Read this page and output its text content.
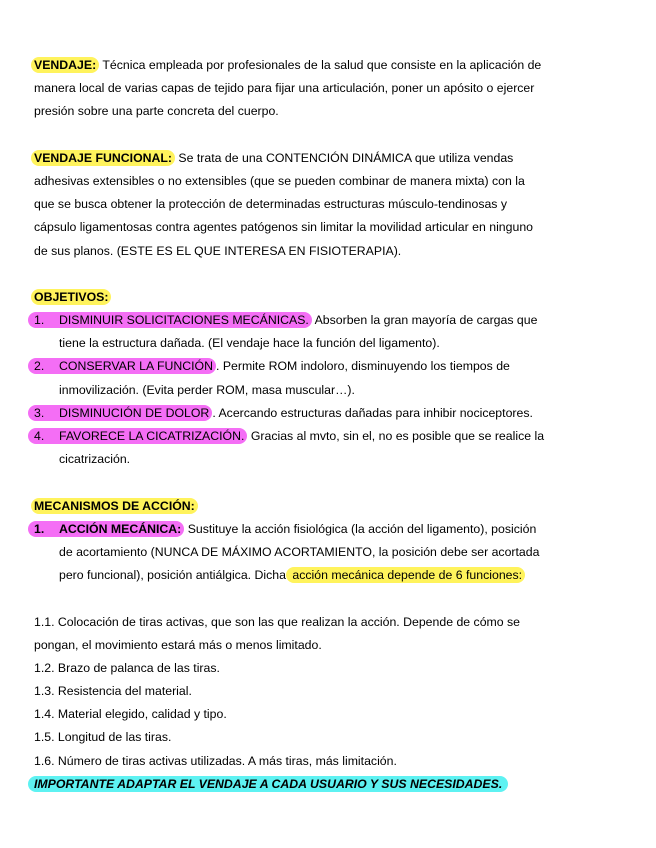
VENDAJE: Técnica empleada por profesionales de la salud que consiste en la aplicación de
manera local de varias capas de tejido para fijar una articulación, poner un apósito o ejercer
presión sobre una parte concreta del cuerpo.
VENDAJE FUNCIONAL: Se trata de una CONTENCIÓN DINÁMICA que utiliza vendas
adhesivas extensibles o no extensibles (que se pueden combinar de manera mixta) con la
que se busca obtener la protección de determinadas estructuras músculo-tendinosas y
cápsulo ligamentosas contra agentes patógenos sin limitar la movilidad articular en ninguno
de sus planos. (ESTE ES EL QUE INTERESA EN FISIOTERAPIA).
OBJETIVOS:
1. DISMINUIR SOLICITACIONES MECÁNICAS. Absorben la gran mayoría de cargas que
tiene la estructura dañada. (El vendaje hace la función del ligamento).
2. CONSERVAR LA FUNCIÓN . Permite ROM indoloro, disminuyendo los tiempos de
inmovilización. (Evita perder ROM, masa muscular…).
3. DISMINUCIÓN DE DOLOR . Acercando estructuras dañadas para inhibir nociceptores.
4. FAVORECE LA CICATRIZACIÓN. Gracias al mvto, sin el, no es posible que se realice la
cicatrización.
MECANISMOS DE ACCIÓN:
1. ACCIÓN MECÁNICA: Sustituye la acción fisiológica (la acción del ligamento), posición
de acortamiento (NUNCA DE MÁXIMO ACORTAMIENTO, la posición debe ser acortada
pero funcional), posición antiálgica. Dicha acción mecánica depende de 6 funciones:
1.1. Colocación de tiras activas, que son las que realizan la acción. Depende de cómo se
pongan, el movimiento estará más o menos limitado.
1.2. Brazo de palanca de las tiras.
1.3. Resistencia del material.
1.4. Material elegido, calidad y tipo.
1.5. Longitud de las tiras.
1.6. Número de tiras activas utilizadas. A más tiras, más limitación.
IMPORTANTE ADAPTAR EL VENDAJE A CADA USUARIO Y SUS NECESIDADES.
